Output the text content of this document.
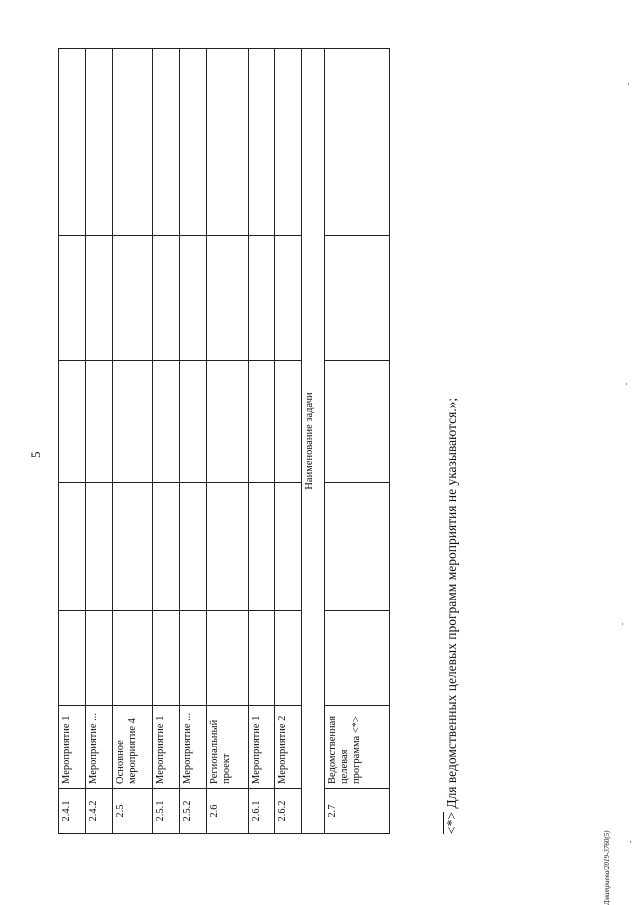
5
Дмитриева/2019-3760(5)
2.4.1	Мероприятие 1					
2.4.2	Мероприятие ...					
2.5	Основное мероприятие 4					
2.5.1	Мероприятие 1					
2.5.2	Мероприятие ...					
2.6	Региональный проект					
2.6.1	Мероприятие 1					
2.6.2	Мероприятие 2					
Наименование задачи						
2.7	Ведомственная целевая программа <*>					
<*> Для ведомственных целевых программ мероприятия не указываются.»;
